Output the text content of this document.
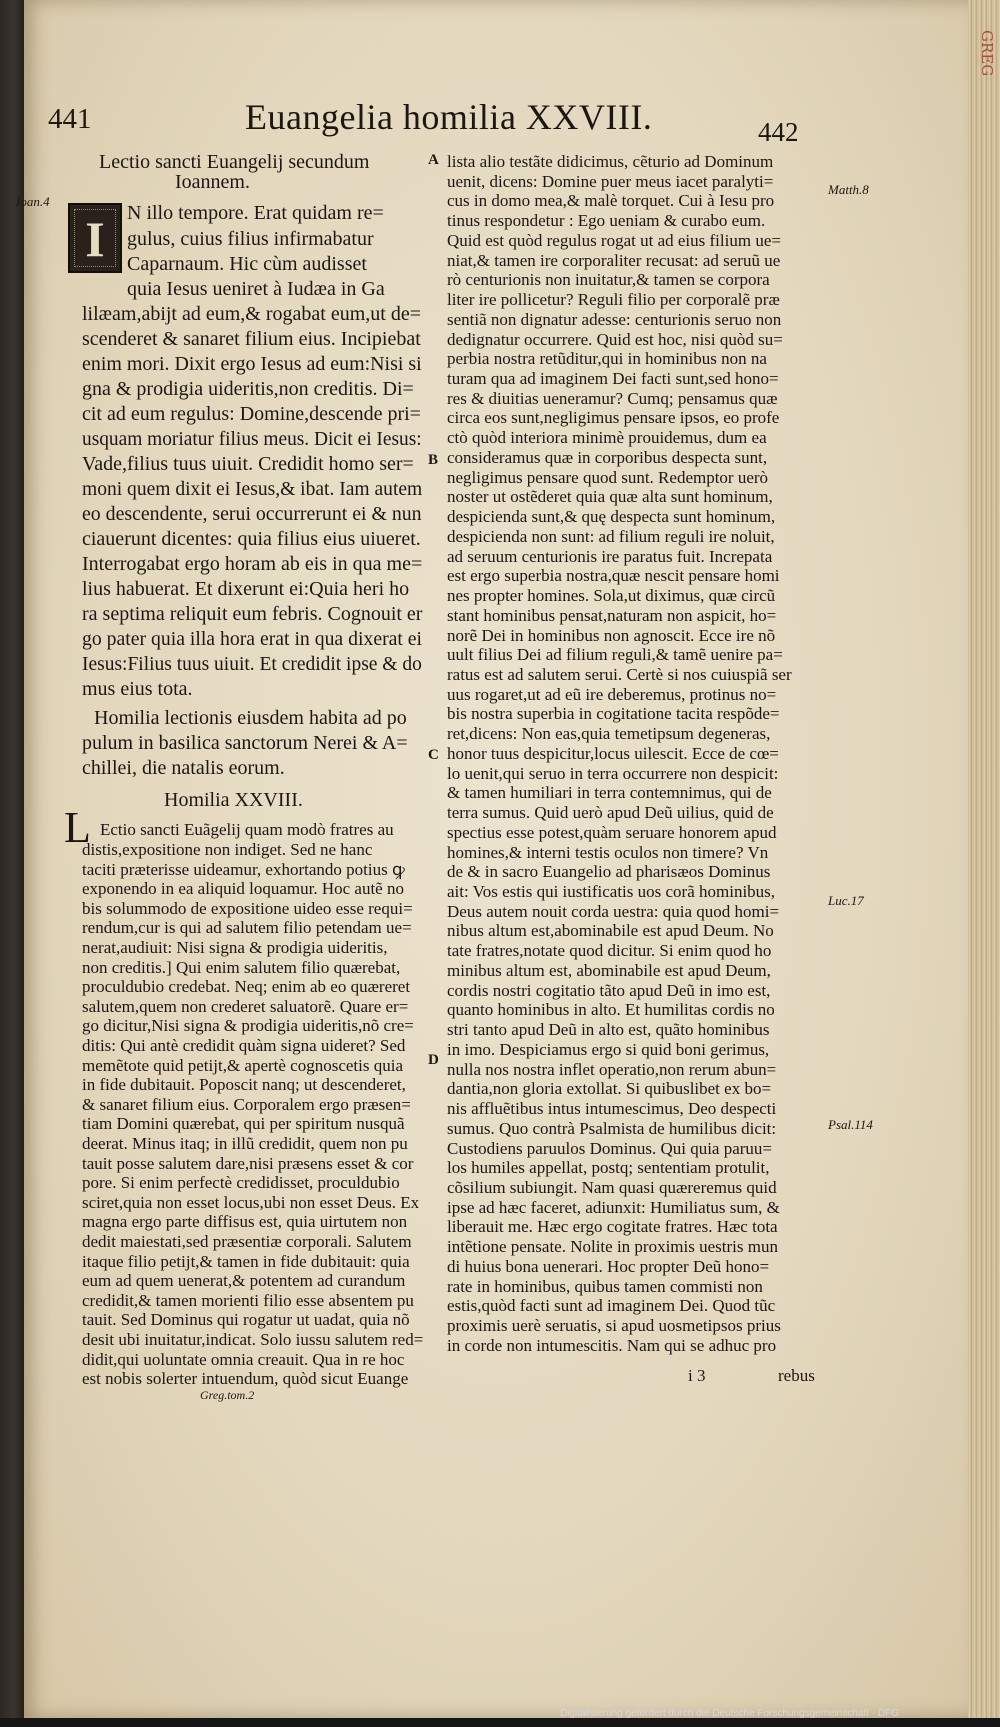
GREG
441	Euangelia homilia XXVIII.	442
I
Greg.tom.2
i 3	rebus
Digitalisierung gefördert durch die Deutsche Forschungsgemeinschaft · DFG
Lectio sancti Euangelij secundum
Ioannem.
N illo tempore. Erat quidam re=
gulus, cuius filius infirmabatur
Caparnaum. Hic cùm audisset
quia Iesus ueniret à Iudæa in Ga
lilæam,abijt ad eum,& rogabat eum,ut de=
scenderet & sanaret filium eius. Incipiebat
enim mori. Dixit ergo Iesus ad eum:Nisi si
gna & prodigia uideritis,non creditis. Di=
cit ad eum regulus: Domine,descende pri=
usquam moriatur filius meus. Dicit ei Iesus:
Vade,filius tuus uiuit. Credidit homo ser=
moni quem dixit ei Iesus,& ibat. Iam autem
eo descendente, serui occurrerunt ei & nun
ciauerunt dicentes: quia filius eius uiueret.
Interrogabat ergo horam ab eis in qua me=
lius habuerat. Et dixerunt ei:Quia heri ho
ra septima reliquit eum febris. Cognouit er
go pater quia illa hora erat in qua dixerat ei
Iesus:Filius tuus uiuit. Et credidit ipse & do
mus eius tota.
Homilia lectionis eiusdem habita ad po
pulum in basilica sanctorum Nerei & A=
chillei, die natalis eorum.
Homilia XXVIII.
Ectio sancti Euãgelij quam modò fratres au
distis,expositione non indiget. Sed ne hanc
taciti præterisse uideamur, exhortando potius ꝙ
exponendo in ea aliquid loquamur. Hoc autẽ no
bis solummodo de expositione uideo esse requi=
rendum,cur is qui ad salutem filio petendam ue=
nerat,audiuit: Nisi signa & prodigia uideritis,
non creditis.] Qui enim salutem filio quærebat,
proculdubio credebat. Neq; enim ab eo quæreret
salutem,quem non crederet saluatorẽ. Quare er=
go dicitur,Nisi signa & prodigia uideritis,nõ cre=
ditis: Qui antè credidit quàm signa uideret? Sed
memẽtote quid petijt,& apertè cognoscetis quia
in fide dubitauit. Poposcit nanq; ut descenderet,
& sanaret filium eius. Corporalem ergo præsen=
tiam Domini quærebat, qui per spiritum nusquã
deerat. Minus itaq; in illũ credidit, quem non pu
tauit posse salutem dare,nisi præsens esset & cor
pore. Si enim perfectè credidisset, proculdubio
sciret,quia non esset locus,ubi non esset Deus. Ex
magna ergo parte diffisus est, quia uirtutem non
dedit maiestati,sed præsentiæ corporali. Salutem
itaque filio petijt,& tamen in fide dubitauit: quia
eum ad quem uenerat,& potentem ad curandum
credidit,& tamen morienti filio esse absentem pu
tauit. Sed Dominus qui rogatur ut uadat, quia nõ
desit ubi inuitatur,indicat. Solo iussu salutem red=
didit,qui uoluntate omnia creauit. Qua in re hoc
est nobis solerter intuendum, quòd sicut Euange
L
Ioan.4
lista alio testãte didicimus, cẽturio ad Dominum
uenit, dicens: Domine puer meus iacet paralyti=
cus in domo mea,& malè torquet. Cui à Iesu pro
tinus respondetur : Ego ueniam & curabo eum.
Quid est quòd regulus rogat ut ad eius filium ue=
niat,& tamen ire corporaliter recusat: ad seruũ ue
rò centurionis non inuitatur,& tamen se corpora
liter ire pollicetur? Reguli filio per corporalẽ præ
sentiã non dignatur adesse: centurionis seruo non
dedignatur occurrere. Quid est hoc, nisi quòd su=
perbia nostra retũditur,qui in hominibus non na
turam qua ad imaginem Dei facti sunt,sed hono=
res & diuitias ueneramur? Cumq; pensamus quæ
circa eos sunt,negligimus pensare ipsos, eo profe
ctò quòd interiora minimè prouidemus, dum ea
consideramus quæ in corporibus despecta sunt,
negligimus pensare quod sunt. Redemptor uerò
noster ut ostẽderet quia quæ alta sunt hominum,
despicienda sunt,& quę despecta sunt hominum,
despicienda non sunt: ad filium reguli ire noluit,
ad seruum centurionis ire paratus fuit. Increpata
est ergo superbia nostra,quæ nescit pensare homi
nes propter homines. Sola,ut diximus, quæ circũ
stant hominibus pensat,naturam non aspicit, ho=
norẽ Dei in hominibus non agnoscit. Ecce ire nõ
uult filius Dei ad filium reguli,& tamẽ uenire pa=
ratus est ad salutem serui. Certè si nos cuiuspiã ser
uus rogaret,ut ad eũ ire deberemus, protinus no=
bis nostra superbia in cogitatione tacita respõde=
ret,dicens: Non eas,quia temetipsum degeneras,
honor tuus despicitur,locus uilescit. Ecce de cœ=
lo uenit,qui seruo in terra occurrere non despicit:
& tamen humiliari in terra contemnimus, qui de
terra sumus. Quid uerò apud Deũ uilius, quid de
spectius esse potest,quàm seruare honorem apud
homines,& interni testis oculos non timere? Vn
de & in sacro Euangelio ad pharisæos Dominus
ait: Vos estis qui iustificatis uos corã hominibus,
Deus autem nouit corda uestra: quia quod homi=
nibus altum est,abominabile est apud Deum. No
tate fratres,notate quod dicitur. Si enim quod ho
minibus altum est, abominabile est apud Deum,
cordis nostri cogitatio tãto apud Deũ in imo est,
quanto hominibus in alto. Et humilitas cordis no
stri tanto apud Deũ in alto est, quãto hominibus
in imo. Despiciamus ergo si quid boni gerimus,
nulla nos nostra inflet operatio,non rerum abun=
dantia,non gloria extollat. Si quibuslibet ex bo=
nis affluẽtibus intus intumescimus, Deo despecti
sumus. Quo contrà Psalmista de humilibus dicit:
Custodiens paruulos Dominus. Qui quia paruu=
los humiles appellat, postq; sententiam protulit,
cõsilium subiungit. Nam quasi quæreremus quid
ipse ad hæc faceret, adiunxit: Humiliatus sum, &
liberauit me. Hæc ergo cogitate fratres. Hæc tota
intẽtione pensate. Nolite in proximis uestris mun
di huius bona uenerari. Hoc propter Deũ hono=
rate in hominibus, quibus tamen commisti non
estis,quòd facti sunt ad imaginem Dei. Quod tũc
proximis uerè seruatis, si apud uosmetipsos prius
in corde non intumescitis. Nam qui se adhuc pro
A
B
C
D
Matth.8
Luc.17
Psal.114
